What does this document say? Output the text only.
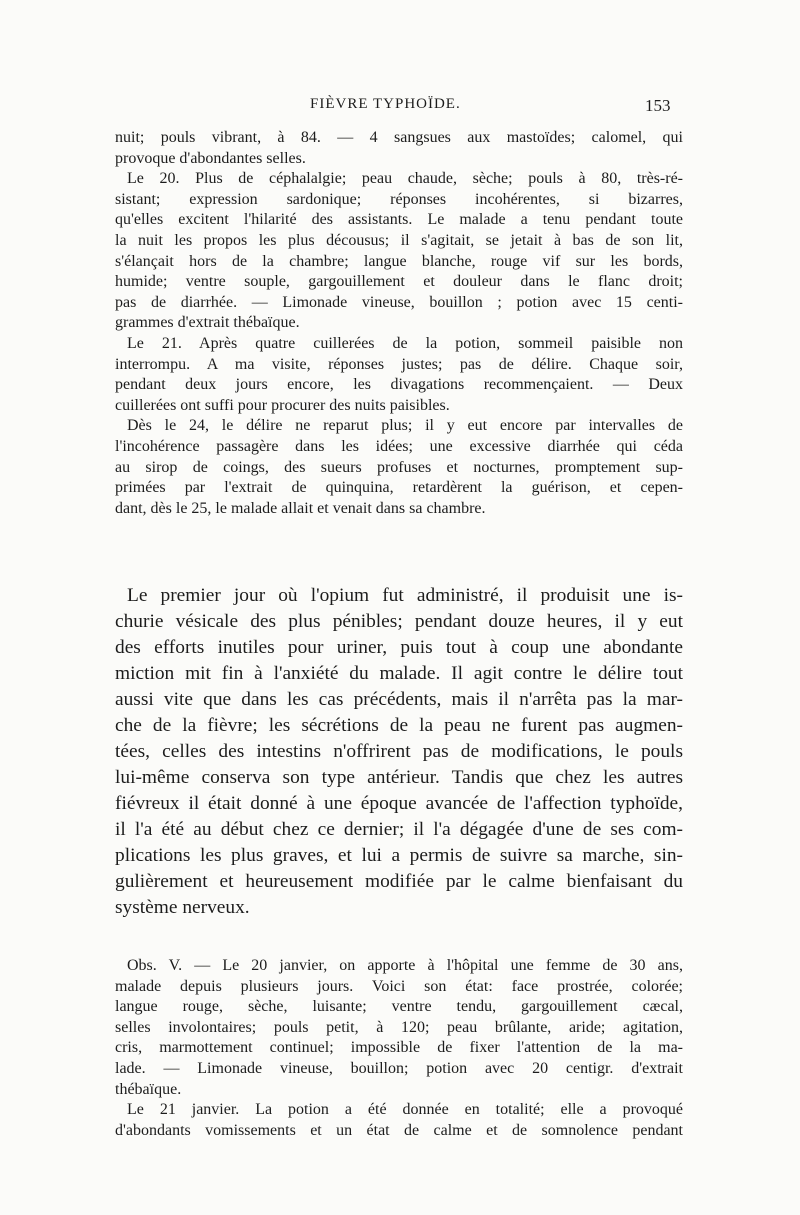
FIÈVRE TYPHOÏDE.	153
nuit; pouls vibrant, à 84. — 4 sangsues aux mastoïdes; calomel, qui
provoque d'abondantes selles.
Le 20. Plus de céphalalgie; peau chaude, sèche; pouls à 80, très-ré-
sistant; expression sardonique; réponses incohérentes, si bizarres,
qu'elles excitent l'hilarité des assistants. Le malade a tenu pendant toute
la nuit les propos les plus décousus; il s'agitait, se jetait à bas de son lit,
s'élançait hors de la chambre; langue blanche, rouge vif sur les bords,
humide; ventre souple, gargouillement et douleur dans le flanc droit;
pas de diarrhée. — Limonade vineuse, bouillon ; potion avec 15 centi-
grammes d'extrait thébaïque.
Le 21. Après quatre cuillerées de la potion, sommeil paisible non
interrompu. A ma visite, réponses justes; pas de délire. Chaque soir,
pendant deux jours encore, les divagations recommençaient. — Deux
cuillerées ont suffi pour procurer des nuits paisibles.
Dès le 24, le délire ne reparut plus; il y eut encore par intervalles de
l'incohérence passagère dans les idées; une excessive diarrhée qui céda
au sirop de coings, des sueurs profuses et nocturnes, promptement sup-
primées par l'extrait de quinquina, retardèrent la guérison, et cepen-
dant, dès le 25, le malade allait et venait dans sa chambre.
Le premier jour où l'opium fut administré, il produisit une is-
churie vésicale des plus pénibles; pendant douze heures, il y eut
des efforts inutiles pour uriner, puis tout à coup une abondante
miction mit fin à l'anxiété du malade. Il agit contre le délire tout
aussi vite que dans les cas précédents, mais il n'arrêta pas la mar-
che de la fièvre; les sécrétions de la peau ne furent pas augmen-
tées, celles des intestins n'offrirent pas de modifications, le pouls
lui-même conserva son type antérieur. Tandis que chez les autres
fiévreux il était donné à une époque avancée de l'affection typhoïde,
il l'a été au début chez ce dernier; il l'a dégagée d'une de ses com-
plications les plus graves, et lui a permis de suivre sa marche, sin-
gulièrement et heureusement modifiée par le calme bienfaisant du
système nerveux.
Obs. V. — Le 20 janvier, on apporte à l'hôpital une femme de 30 ans,
malade depuis plusieurs jours. Voici son état: face prostrée, colorée;
langue rouge, sèche, luisante; ventre tendu, gargouillement cæcal,
selles involontaires; pouls petit, à 120; peau brûlante, aride; agitation,
cris, marmottement continuel; impossible de fixer l'attention de la ma-
lade. — Limonade vineuse, bouillon; potion avec 20 centigr. d'extrait
thébaïque.
Le 21 janvier. La potion a été donnée en totalité; elle a provoqué
d'abondants vomissements et un état de calme et de somnolence pendant
